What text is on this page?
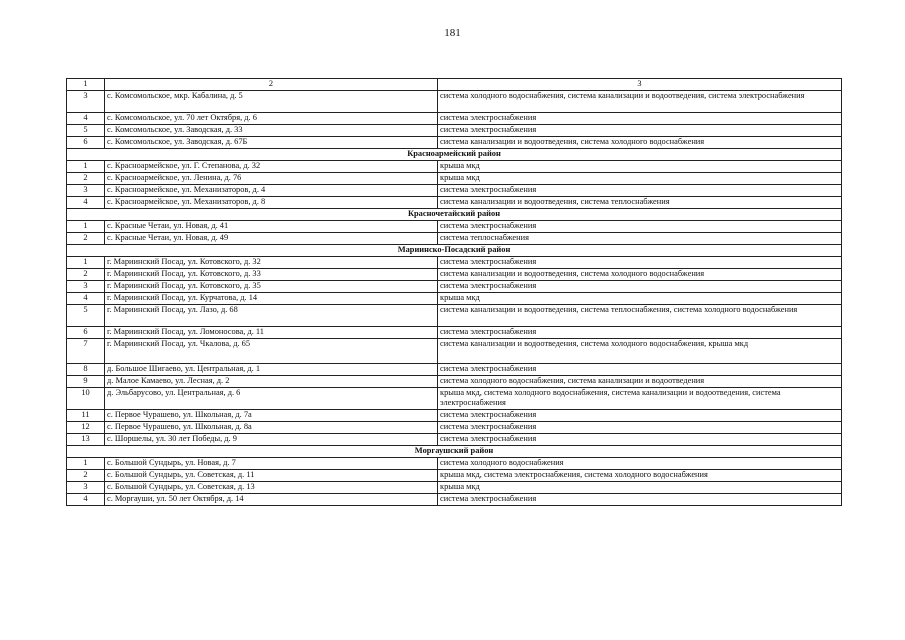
181
1	2	3
3	с. Комсомольское, мкр. Кабалина, д. 5	система холодного водоснабжения, система канализации и водоотведения, система электроснабжения
4	с. Комсомольское, ул. 70 лет Октября, д. 6	система электроснабжения
5	с. Комсомольское, ул. Заводская, д. 33	система электроснабжения
6	с. Комсомольское, ул. Заводская, д. 67Б	система канализации и водоотведения, система холодного водоснабжения
Красноармейский район		
1	с. Красноармейское, ул. Г. Степанова, д. 32	крыша мкд
2	с. Красноармейское, ул. Ленина, д. 76	крыша мкд
3	с. Красноармейское, ул. Механизаторов, д. 4	система электроснабжения
4	с. Красноармейское, ул. Механизаторов, д. 8	система канализации и водоотведения, система теплоснабжения
Красночетайский район		
1	с. Красные Четаи, ул. Новая, д. 41	система электроснабжения
2	с. Красные Четаи, ул. Новая, д. 49	система теплоснабжения
Мариинско-Посадский район		
1	г. Мариинский Посад, ул. Котовского, д. 32	система электроснабжения
2	г. Мариинский Посад, ул. Котовского, д. 33	система канализации и водоотведения, система холодного водоснабжения
3	г. Мариинский Посад, ул. Котовского, д. 35	система электроснабжения
4	г. Мариинский Посад, ул. Курчатова, д. 14	крыша мкд
5	г. Мариинский Посад, ул. Лазо, д. 68	система канализации и водоотведения, система теплоснабжения, система холодного водоснабжения
6	г. Мариинский Посад, ул. Ломоносова, д. 11	система электроснабжения
7	г. Мариинский Посад, ул. Чкалова, д. 65	система канализации и водоотведения, система холодного водоснабжения, крыша мкд
8	д. Большое Шигаево, ул. Центральная, д. 1	система электроснабжения
9	д. Малое Камаево, ул. Лесная, д. 2	система холодного водоснабжения, система канализации и водоотведения
10	д. Эльбарусово, ул. Центральная, д. 6	крыша мкд, система холодного водоснабжения, система канализации и водоотведения, система электроснабжения
11	с. Первое Чурашево, ул. Школьная, д. 7а	система электроснабжения
12	с. Первое Чурашево, ул. Школьная, д. 8а	система электроснабжения
13	с. Шоршелы, ул. 30 лет Победы, д. 9	система электроснабжения
Моргаушский район		
1	с. Большой Сундырь, ул. Новая, д. 7	система холодного водоснабжения
2	с. Большой Сундырь, ул. Советская, д. 11	крыша мкд, система электроснабжения, система холодного водоснабжения
3	с. Большой Сундырь, ул. Советская, д. 13	крыша мкд
4	с. Моргауши, ул. 50 лет Октября, д. 14	система электроснабжения
